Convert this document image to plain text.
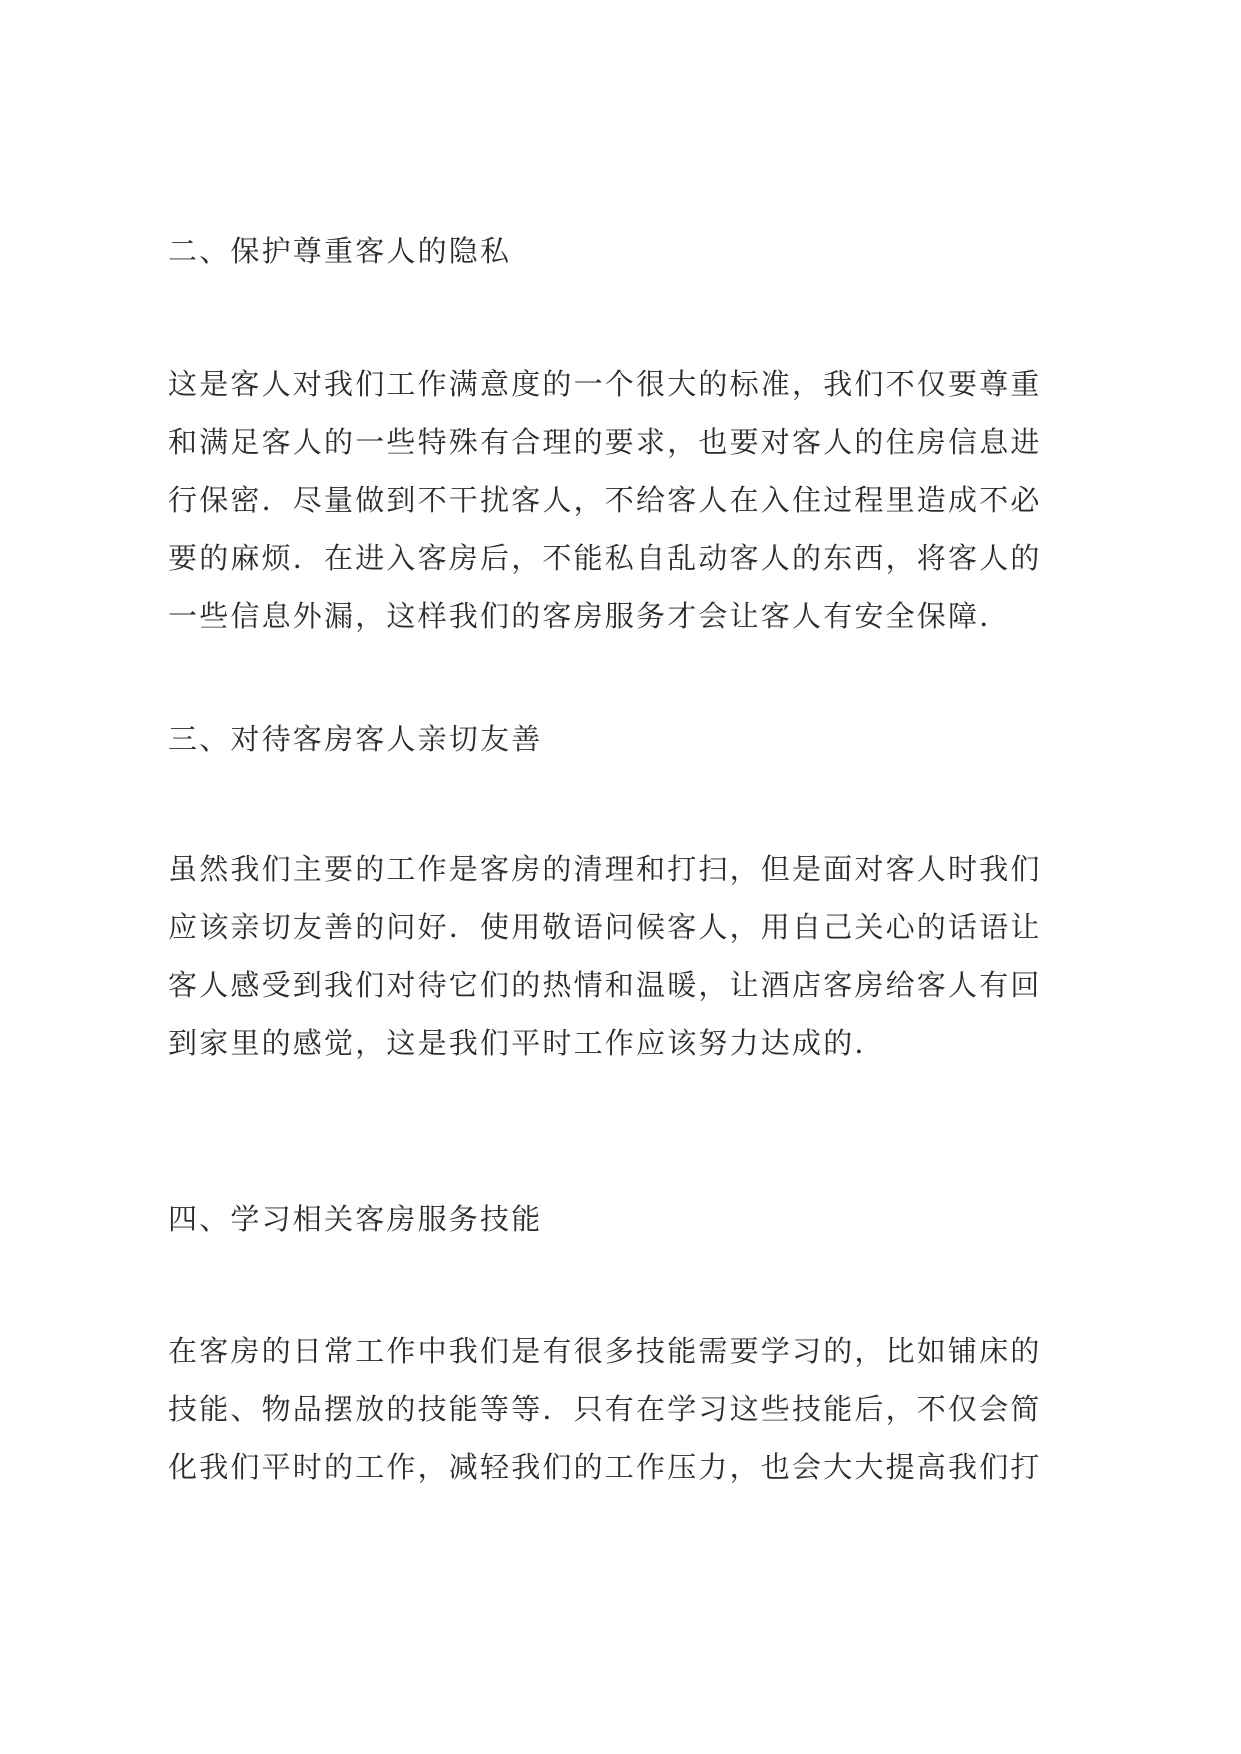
二、保护尊重客人的隐私
这是客人对我们工作满意度的一个很大的标准，我们不仅要尊重
和满足客人的一些特殊有合理的要求，也要对客人的住房信息进
行保密．尽量做到不干扰客人，不给客人在入住过程里造成不必
要的麻烦．在进入客房后，不能私自乱动客人的东西，将客人的
一些信息外漏，这样我们的客房服务才会让客人有安全保障．
三、对待客房客人亲切友善
虽然我们主要的工作是客房的清理和打扫，但是面对客人时我们
应该亲切友善的问好．使用敬语问候客人，用自己关心的话语让
客人感受到我们对待它们的热情和温暖，让酒店客房给客人有回
到家里的感觉，这是我们平时工作应该努力达成的．
四、学习相关客房服务技能
在客房的日常工作中我们是有很多技能需要学习的，比如铺床的
技能、物品摆放的技能等等．只有在学习这些技能后，不仅会简
化我们平时的工作，减轻我们的工作压力，也会大大提高我们打
